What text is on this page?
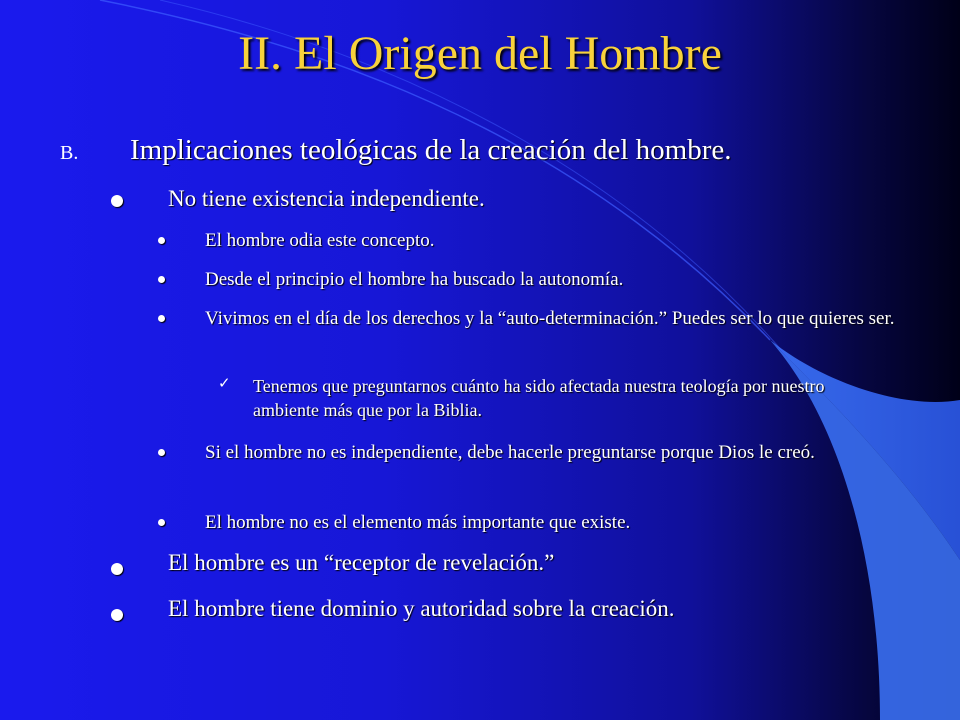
II. El Origen del Hombre
B. Implicaciones teológicas de la creación del hombre.
No tiene existencia independiente.
El hombre odia este concepto.
Desde el principio el hombre ha buscado la autonomía.
Vivimos en el día de los derechos y la “auto-determinación.” Puedes ser lo que quieres ser.
✓ Tenemos que preguntarnos cuánto ha sido afectada nuestra teología por nuestro ambiente más que por la Biblia.
Si el hombre no es independiente, debe hacerle preguntarse porque Dios le creó.
El hombre no es el elemento más importante que existe.
El hombre es un “receptor de revelación.”
El hombre tiene dominio y autoridad sobre la creación.
